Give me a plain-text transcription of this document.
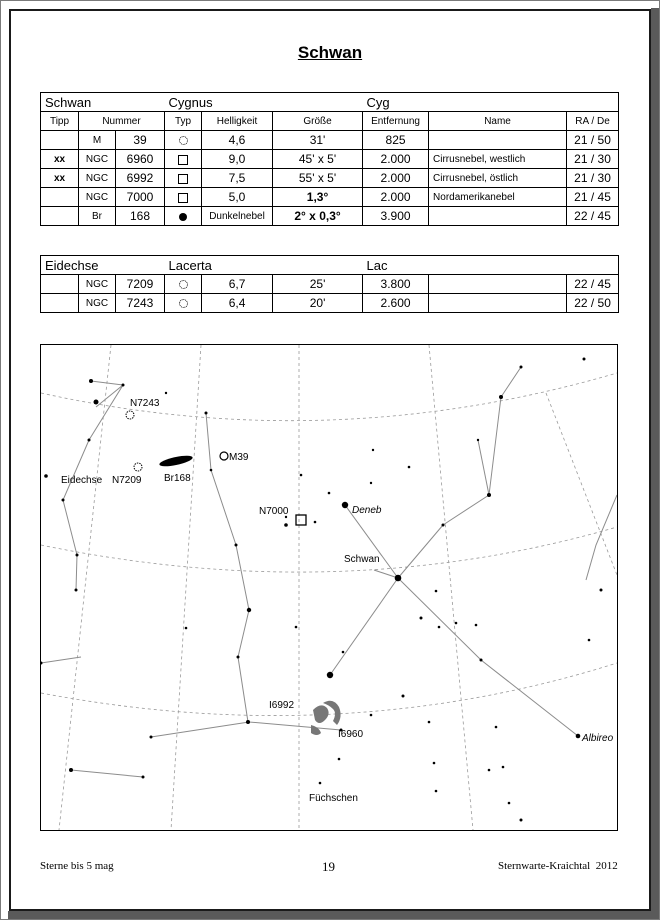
Schwan
Schwan			Cygnus			Cyg		
Tipp	Nummer		Typ	Helligkeit	Größe	Entfernung	Name	RA / De
	M	39		4,6	31'	825		21 / 50
xx	NGC	6960		9,0	45' x 5'	2.000	Cirrusnebel, westlich	21 / 30
xx	NGC	6992		7,5	55' x 5'	2.000	Cirrusnebel, östlich	21 / 30
	NGC	7000		5,0	1,3°	2.000	Nordamerikanebel	21 / 45
	Br	168		Dunkelnebel	2° x 0,3°	3.900		22 / 45
Eidechse			Lacerta			Lac		
	NGC	7209		6,7	25'	3.800		22 / 45
	NGC	7243		6,4	20'	2.600		22 / 50
N7243
Eidechse N7209 Br168
M39
N7000	Deneb
Schwan
I6992
I6960	Albireo
Füchschen
Sterne bis 5 mag	19	Sternwarte-Kraichtal  2012
